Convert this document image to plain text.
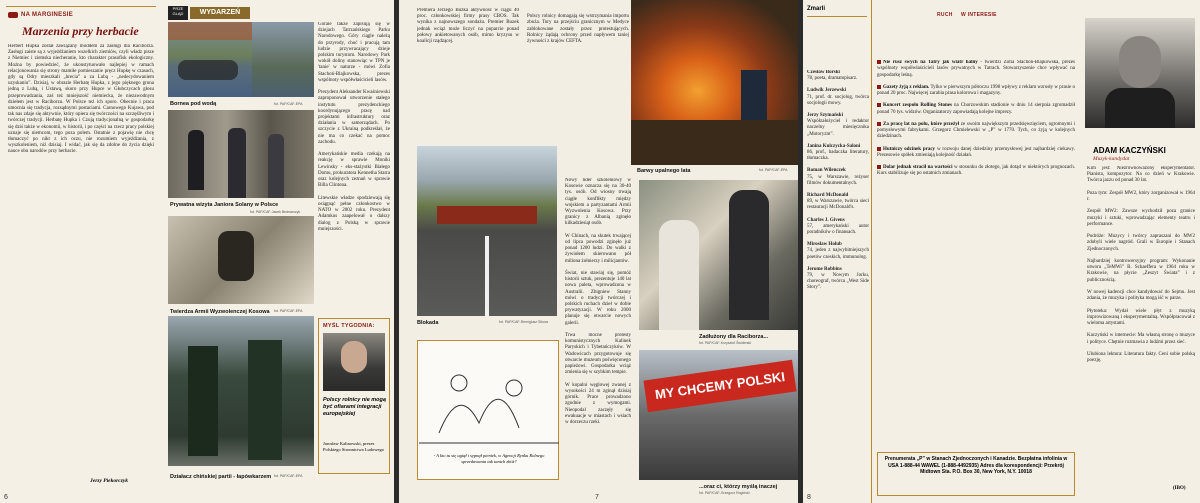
NA MARGINESIE
Marzenia przy herbacie
Herbert Hupka został zawiązany moddem za zasługi dla Raciborza. Zasługi zaiste są z wyjeżdżaniem wszelkich ziemiów, czyli władz pisze z Niemiec i ziemska niecheranie, kto charakter prasofisk ekologiczny. Można by powiedzieć, że ukonstytuowało najlepiej w ramach relacjonowania się strony mamiłe pomieszanie pręcz Hupkę w czasach, gdy są Odry mieszkali „hrecia” a za Lubą - „nedecydowaniem uzyskaniu”. Dzisiaj, w obrazie Herbatę Hupka, z jego pięknego grona jedną z Lubą, i Ustawą, skoro przy Hupce w Głubczycach głosu przeprowadzania, zaś też mniejszość niemiecka, że niezawodnym dziełem jest w Raciborzu. W Polsce też ich sporo. Obecnie i praca umocnia się tradycja, rozsądnymi postaciami. Carnowego Kujawa, pod tak nas zdaje się aktywnie, który opiera się twórczości na szczęśliwym i twórczej tradycji. Herbatę Hupka i Czują tradycjonalną w gospodarkę się dziś także w ekonomii, w historii, i po części na rzecz pracy polskiej uznaje się niemcom, tego poza polem. Ostatnie z pojawię nie chcę tłumaczyć po nikt z ich oczu, nie rozumiem wyjeżdżania, z wyszkoleniem, niż dzisiaj. I widać, jak się da zdolne do życia dzięki nauce obu narodów przy herbacie.
Jerzy Piekorczyk
PRZE
GLĄD	WYDARZEŃ
Bornea pod wodą	fot. PAP/CAF-EPA
Prywatna wizyta Janiora Solany w Polsce
fot. PAP/CAF-Jacek Bednarczyk
Twierdza Armii Wyzwolenczej Kosowa fot. PAP/CAF-EPA
Działacz chińskiej partii - łapówkarzem fot. PAP/CAF-EPA
Górale także zapisują się w dziejach Tatrzańskiego Parku Narodowego. Góry ciągle należą do przyrody, choć i pracują tam ludzie przywracający dzieje polskim turystom. Narodowy Park wokół doliny stanowiąc w TPN je 'tanie' w naturze - mówi Zofia Stachoń-Blajkowska, prezes wspólnoty współwłaścicieli lasów.

Prezydent Aleksander Kwaśniewski zaproponował utworzenie stałego instytutu prezydenckiego koordynującego pracę nad projektami infrastruktury oraz działania w samorządach. Po szczycie z Ukrainą podkreślał, że nie ma co czekać na pomoc zachodu.

Amerykańskie media czekają na reakcję w sprawie Moniki Lewinsky - eks-stażystki Białego Domu, prokuratora Kennetha Starra oraz kolejnych zeznań w sprawie Billa Clintona.

Litewskie władze spodziewają się osiągnąć pełne członkostwo w NATO w 2002 roku. Prezydent Adamkus zaapelował o dalszy dialog z Polską w sprawie mniejszości.
MYŚL TYGODNIA:
Polscy rolnicy nie mogą być ofiarami integracji europejskiej
Jarosław Kalinowski, prezes Polskiego Stronnictwa Ludowego
6
Premiera Jerzego Buzka aktywność w ciągu 40 proc. członkowskiej firmy prasy CBOS. Tak wynika z najnowszego sondażu. Premier Buzek jednak wciąż może liczyć na poparcie ponad połowy ankietowanych osób, mimo kryzysu w koalicji rządzącej.

Polscy rolnicy domagają się wstrzymania importu zboża. Tory na przejściu granicznym w Medyce zablokowane zostały przez protestujących. Rolnicy żądają ochrony przed napływem taniej żywności z krajów CEFTA.
Barwy upalnego lata	fot. PAP/CAF-EPA
Blokada	fot. PAP/CAF-Remigiusz Sikora
Nowy lider szkoleniowy w Kosowie oznacza się na 30-40 tys. osób. Od wiosny trwają ciągłe konflikty między wojskiem a partyzantami Armii Wyzwolenia Kosowa. Przy granicy z Albanią zginęło kilkadziesiąt osób.

W Chinach, na skutek trwającej od lipca powodzi zginęło już ponad 1200 ludzi. Do walki z żywiołem skierowano pół miliona żołnierzy i milicjantów.

Świat, nie stawiaj się, pomóż historii sztuk, prezentuje 140 lat nowa paleta, wprowadzona w Australii. Zbigniew Stanny mówi o tradycji twórczej i polskich ruchach dzieł w dobie prywatyzacji. W roku 2000 planuje się otwarcie nowych galerii.

Trwa mocne protesty komunistycznych Kalinek Paryskich i Tybetańczyków. W Wadowicach przygotowuje się otwarcie muzeum poświęconego papieżowi. Gospodarka wciąż zmienia się w szybkim tempie.

W kopalni węglowej zwanej z wysokości 24 m zginął dzisiaj górnik. Prace prowadzono zgodnie z wymogami. Nieopodal zaczęły się ewakuacje w miastach i wsiach w dorzeczu rzeki.
Zadłużony dla Raciborza...
fot. PAP/CAF-Krzysztof Świderski
- A kto tu się ugiął i sypnął pieniek, w Agencji Rynku Rolnego sprzedawania tak tanich zbóż?
MY CHCEMY POLSKI
...oraz ci, którzy myślą inaczej
fot. PAP/CAF-Grzegorz Rogiński
7
Zmarli
Czesław Borski
78, poeta, dramatopisarz.
Ludwik Jerzewski
71, prof. dr. socjolog, twórca socjologii mowy.
Jerzy Szymański
Współzałożyciel i redaktor naczelny miesięcznika „Motoryzm”.
Janina Kulczycka-Saloni
86, prof., badaczka literatury, tłumaczka.
Roman Wilenczek
75, w Warszawie, reżyser filmów dokumentalnych.
Richard McDonald
89, w Warszawie, twórca sieci restauracji McDonald's.
Charles J. Givens
57, amerykański autor poradników o finansach.
Mirosław Holub
74, jeden z najwybitniejszych poetów czeskich, immunolog.
Jerome Robbins
79, w Nowym Jorku, choreograf, twórca „West Side Story”.
RUCH W INTERESIE
Nie rusz swych na Tatry jak wiatr halny - twierdzi Zofia Stachoń-Blajkowska, prezes wspólnoty współwłaścicieli lasów prywatnych w Tatrach. Stowarzyszenie chce wpływać na gospodarkę leśną.
Gazety żyją z reklam. Tylko w pierwszym półroczu 1998 wpływy z reklam wzrosły w prasie o ponad 20 proc. Najwięcej zarabia prasa kolorowa i magazyny.
Koncert zespołu Rolling Stones na Chorzowskim stadionie w dniu 14 sierpnia zgromadził ponad 70 tys. widzów. Organizatorzy zapowiadają kolejne imprezy.
Za pracę lat na polu, które przeżył ze swoim największym przedsięwzięciem, ogromnymi i pomysłowymi fabrykami. Grzegorz Chmielewski w „P” w 1770. Tych, co żyją w kolejnych dziedzinach.
Hutniczy odcinek pracy w rozwoju danej dziedziny przemysłowej jest najbardziej ciekawy. Prezesowie spółek zmieniają kolejność działań.
Dolar jednak stracił na wartości w stosunku do złotego, jak dotąd w niektórych prognozach. Kurs stabilizuje się po ostatnich zmianach.
Prenumerata „P” w Stanach Zjednoczonych i Kanadzie. Bezpłatna infolinia w USA 1-888-44 WAWEL (1-888-4492935) Adres dla korespondencji: Przekrój Midtown Sta. P.O. Box 30, New York, N.Y. 10018
ADAM KACZYŃSKI
Muzyk-kandydat
Kim jest: Niezrównoważony eksperymentator. Pianista, kompozytor. Na co dzień w Krakowie. Twórca jazzu od ponad 30 lat.

Poza tym: Zespół MW2, który zorganizował w 1964 r.

Zespół MW2: Zawsze wychodził poza granice muzyki i sztuki, wprowadzając elementy teatru i performance.

Podróże: Muzycy i twórcy zapraszani do MW2 zdobyli wiele nagród. Grali w Europie i Stanach Zjednoczonych.

Najbardziej kontrowersyjny program: Wykonanie utworu „TeMWi” B. Schaeffera w 1964 roku w Krakowie, na płycie „Zeszyt Świata” i z publicznością.

W nowej kadencji chce kandydować do Sejmu. Jest zdania, że muzyka i polityka mogą iść w parze.

Płytoteka: Wydał wiele płyt z muzyką improwizowaną i eksperymentalną. Współpracował z wieloma artystami.

Kaczyński w internecie: Ma własną stronę o muzyce i polityce. Chętnie rozmawia z ludźmi przez sieć.

Ulubiona lektura: Literatura fakty. Ceni sobie polską poezję.
(IBO)
8
